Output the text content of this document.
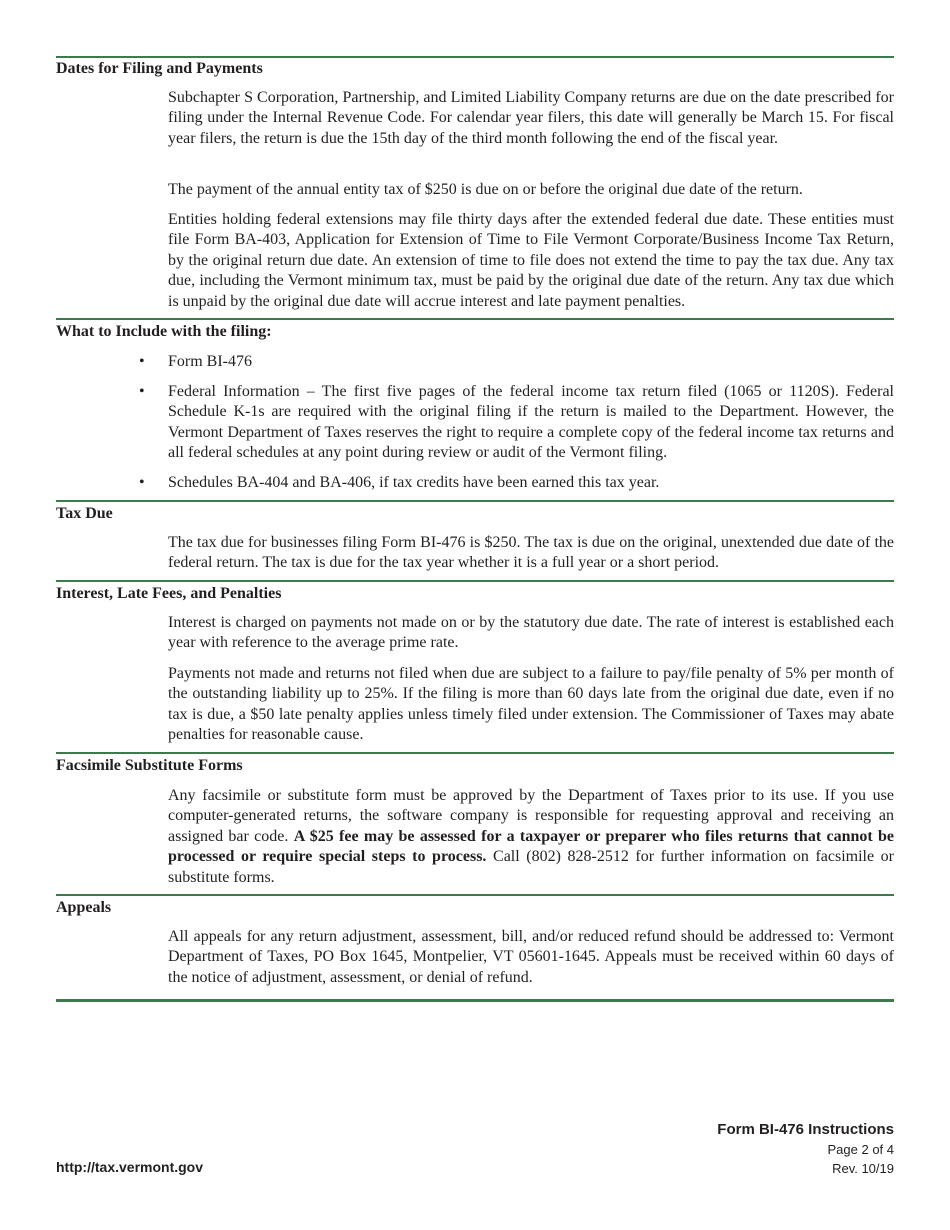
Dates for Filing and Payments

Subchapter S Corporation, Partnership, and Limited Liability Company returns are due on the date prescribed for filing under the Internal Revenue Code. For calendar year filers, this date will generally be March 15. For fiscal year filers, the return is due the 15th day of the third month following the end of the fiscal year.

The payment of the annual entity tax of $250 is due on or before the original due date of the return.

Entities holding federal extensions may file thirty days after the extended federal due date. These entities must file Form BA-403, Application for Extension of Time to File Vermont Corporate/Business Income Tax Return, by the original return due date. An extension of time to file does not extend the time to pay the tax due. Any tax due, including the Vermont minimum tax, must be paid by the original due date of the return. Any tax due which is unpaid by the original due date will accrue interest and late payment penalties.

What to Include with the filing:
• Form BI-476

• Federal Information – The first five pages of the federal income tax return filed (1065 or 1120S). Federal Schedule K-1s are required with the original filing if the return is mailed to the Department. However, the Vermont Department of Taxes reserves the right to require a complete copy of the federal income tax returns and all federal schedules at any point during review or audit of the Vermont filing.

• Schedules BA-404 and BA-406, if tax credits have been earned this tax year.

Tax Due

The tax due for businesses filing Form BI-476 is $250. The tax is due on the original, unextended due date of the federal return. The tax is due for the tax year whether it is a full year or a short period.

Interest, Late Fees, and Penalties

Interest is charged on payments not made on or by the statutory due date. The rate of interest is established each year with reference to the average prime rate.

Payments not made and returns not filed when due are subject to a failure to pay/file penalty of 5% per month of the outstanding liability up to 25%. If the filing is more than 60 days late from the original due date, even if no tax is due, a $50 late penalty applies unless timely filed under extension. The Commissioner of Taxes may abate penalties for reasonable cause.

Facsimile Substitute Forms

Any facsimile or substitute form must be approved by the Department of Taxes prior to its use. If you use computer-generated returns, the software company is responsible for requesting approval and receiving an assigned bar code. A $25 fee may be assessed for a taxpayer or preparer who files returns that cannot be processed or require special steps to process. Call (802) 828-2512 for further information on facsimile or substitute forms.

Appeals

All appeals for any return adjustment, assessment, bill, and/or reduced refund should be addressed to: Vermont Department of Taxes, PO Box 1645, Montpelier, VT 05601-1645. Appeals must be received within 60 days of the notice of adjustment, assessment, or denial of refund.

http://tax.vermont.gov
Form BI-476 Instructions
Page 2 of 4
Rev. 10/19
